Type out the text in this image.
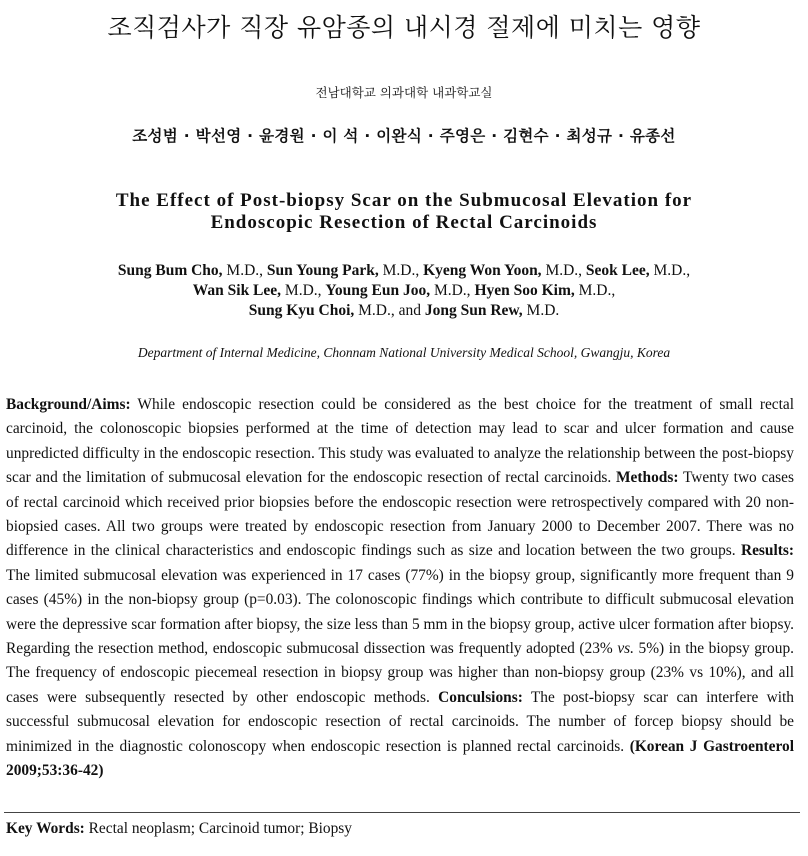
조직검사가 직장 유암종의 내시경 절제에 미치는 영향
전남대학교 의과대학 내과학교실
조성범 · 박선영 · 윤경원 · 이 석 · 이완식 · 주영은 · 김현수 · 최성규 · 유종선
The Effect of Post-biopsy Scar on the Submucosal Elevation for
Endoscopic Resection of Rectal Carcinoids
Sung Bum Cho, M.D., Sun Young Park, M.D., Kyeng Won Yoon, M.D., Seok Lee, M.D.,
Wan Sik Lee, M.D., Young Eun Joo, M.D., Hyen Soo Kim, M.D.,
Sung Kyu Choi, M.D., and Jong Sun Rew, M.D.
Department of Internal Medicine, Chonnam National University Medical School, Gwangju, Korea
Background/Aims: While endoscopic resection could be considered as the best choice for the treatment of small rectal carcinoid, the colonoscopic biopsies performed at the time of detection may lead to scar and ulcer formation and cause unpredicted difficulty in the endoscopic resection. This study was evaluated to analyze the relationship between the post-biopsy scar and the limitation of submucosal elevation for the endoscopic resection of rectal carcinoids. Methods: Twenty two cases of rectal carcinoid which received prior biopsies before the endoscopic resection were retrospectively compared with 20 non-biopsied cases. All two groups were treated by endoscopic resection from January 2000 to December 2007. There was no difference in the clinical characteristics and endoscopic findings such as size and location between the two groups. Results: The limited submucosal elevation was experienced in 17 cases (77%) in the biopsy group, significantly more frequent than 9 cases (45%) in the non-biopsy group (p=0.03). The colonoscopic findings which contribute to difficult submucosal elevation were the depressive scar formation after biopsy, the size less than 5 mm in the biopsy group, active ulcer formation after biopsy. Regarding the resection method, endoscopic submucosal dissection was frequently adopted (23% vs. 5%) in the biopsy group. The frequency of endoscopic piecemeal resection in biopsy group was higher than non-biopsy group (23% vs 10%), and all cases were subsequently resected by other endoscopic methods. Conculsions: The post-biopsy scar can interfere with successful submucosal elevation for endoscopic resection of rectal carcinoids. The number of forcep biopsy should be minimized in the diagnostic colonoscopy when endoscopic resection is planned rectal carcinoids. (Korean J Gastroenterol 2009;53:36-42)
Key Words: Rectal neoplasm; Carcinoid tumor; Biopsy
